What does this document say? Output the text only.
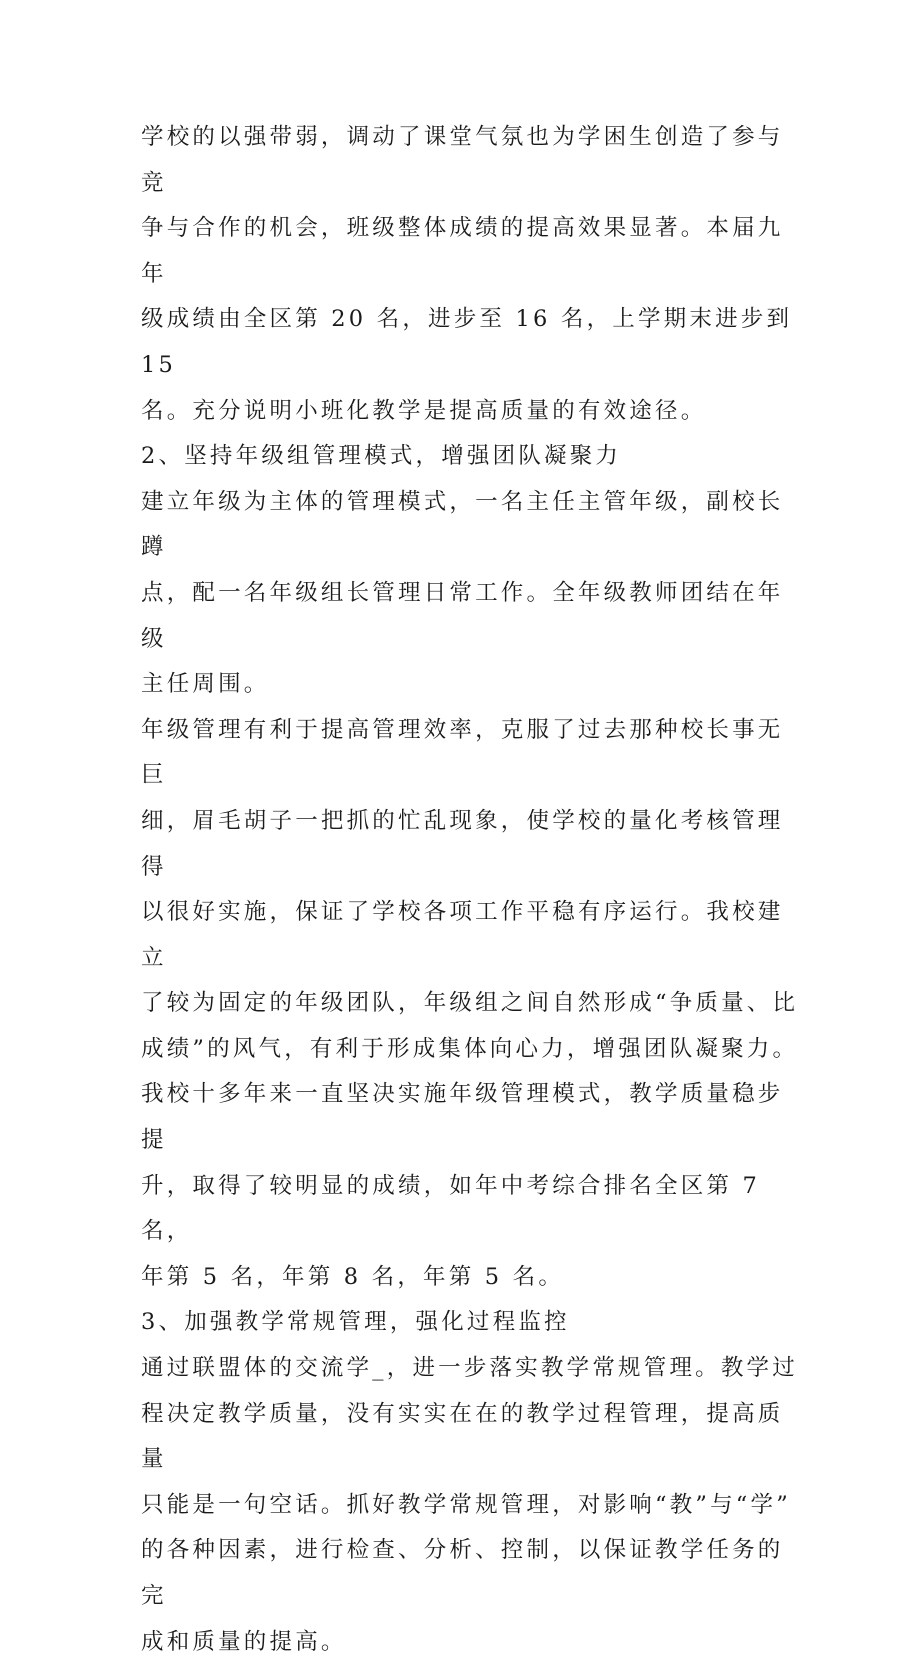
学校的以强带弱，调动了课堂气氛也为学困生创造了参与竞
争与合作的机会，班级整体成绩的提高效果显著。本届九年
级成绩由全区第 20 名，进步至 16 名，上学期末进步到 15
名。充分说明小班化教学是提高质量的有效途径。

2、坚持年级组管理模式，增强团队凝聚力

建立年级为主体的管理模式，一名主任主管年级，副校长蹲
点，配一名年级组长管理日常工作。全年级教师团结在年级
主任周围。

年级管理有利于提高管理效率，克服了过去那种校长事无巨
细，眉毛胡子一把抓的忙乱现象，使学校的量化考核管理得
以很好实施，保证了学校各项工作平稳有序运行。我校建立
了较为固定的年级团队，年级组之间自然形成“争质量、比
成绩”的风气，有利于形成集体向心力，增强团队凝聚力。

我校十多年来一直坚决实施年级管理模式，教学质量稳步提
升，取得了较明显的成绩，如年中考综合排名全区第 7 名，
年第 5 名，年第 8 名，年第 5 名。

3、加强教学常规管理，强化过程监控

通过联盟体的交流学_，进一步落实教学常规管理。教学过
程决定教学质量，没有实实在在的教学过程管理，提高质量
只能是一句空话。抓好教学常规管理，对影响“教”与“学”
的各种因素，进行检查、分析、控制，以保证教学任务的完
成和质量的提高。
